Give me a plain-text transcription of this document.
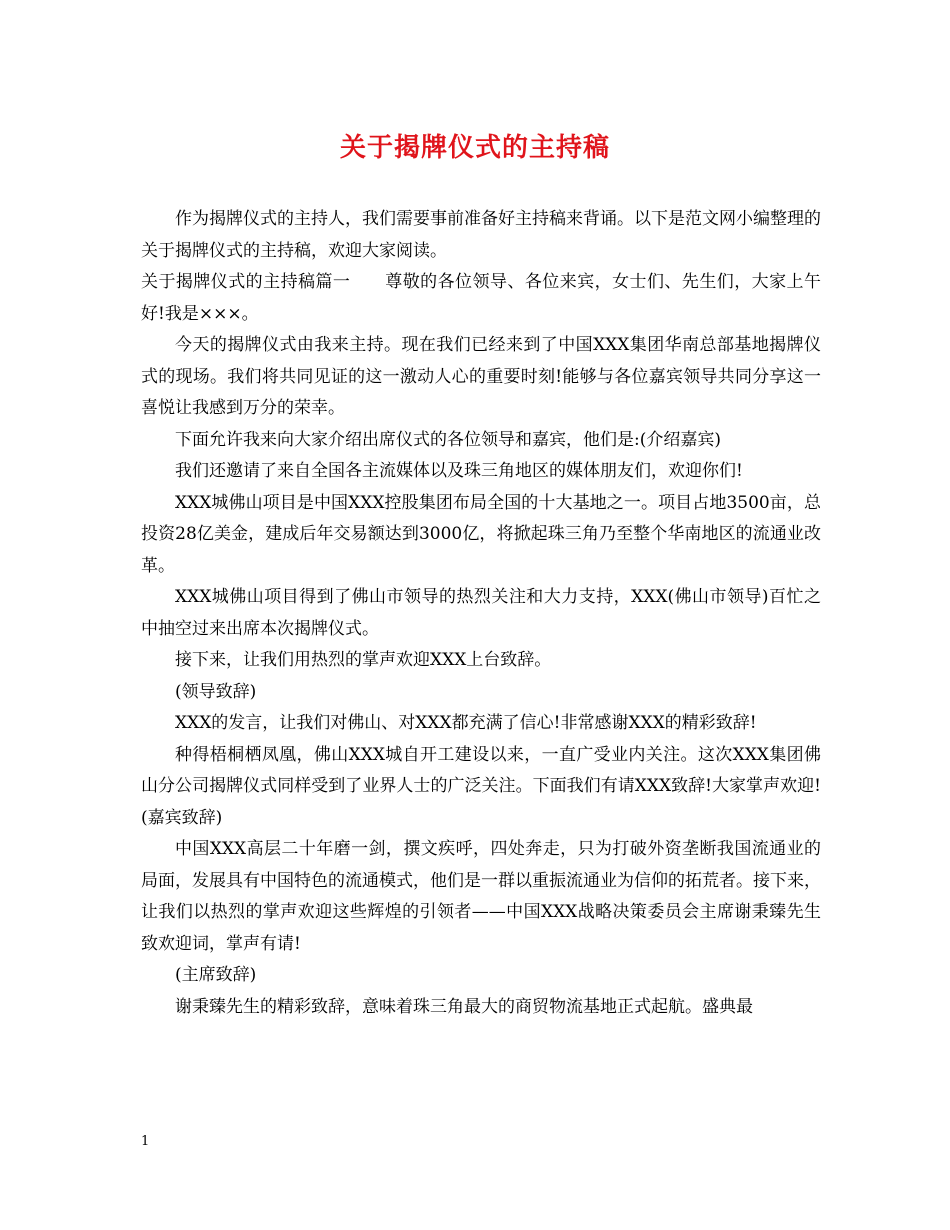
关于揭牌仪式的主持稿

作为揭牌仪式的主持人，我们需要事前准备好主持稿来背诵。以下是范文网小编整理的关于揭牌仪式的主持稿，欢迎大家阅读。

关于揭牌仪式的主持稿篇一　　尊敬的各位领导、各位来宾，女士们、先生们，大家上午好!我是×××。

今天的揭牌仪式由我来主持。现在我们已经来到了中国XXX集团华南总部基地揭牌仪式的现场。我们将共同见证的这一激动人心的重要时刻!能够与各位嘉宾领导共同分享这一喜悦让我感到万分的荣幸。

下面允许我来向大家介绍出席仪式的各位领导和嘉宾，他们是:(介绍嘉宾)

我们还邀请了来自全国各主流媒体以及珠三角地区的媒体朋友们，欢迎你们!

XXX城佛山项目是中国XXX控股集团布局全国的十大基地之一。项目占地3500亩，总投资28亿美金，建成后年交易额达到3000亿，将掀起珠三角乃至整个华南地区的流通业改革。

XXX城佛山项目得到了佛山市领导的热烈关注和大力支持，XXX(佛山市领导)百忙之中抽空过来出席本次揭牌仪式。

接下来，让我们用热烈的掌声欢迎XXX上台致辞。

(领导致辞)

XXX的发言，让我们对佛山、对XXX都充满了信心!非常感谢XXX的精彩致辞!

种得梧桐栖凤凰，佛山XXX城自开工建设以来，一直广受业内关注。这次XXX集团佛山分公司揭牌仪式同样受到了业界人士的广泛关注。下面我们有请XXX致辞!大家掌声欢迎!(嘉宾致辞)

中国XXX高层二十年磨一剑，撰文疾呼，四处奔走，只为打破外资垄断我国流通业的局面，发展具有中国特色的流通模式，他们是一群以重振流通业为信仰的拓荒者。接下来，让我们以热烈的掌声欢迎这些辉煌的引领者——中国XXX战略决策委员会主席谢秉臻先生致欢迎词，掌声有请!

(主席致辞)

谢秉臻先生的精彩致辞，意味着珠三角最大的商贸物流基地正式起航。盛典最

1
